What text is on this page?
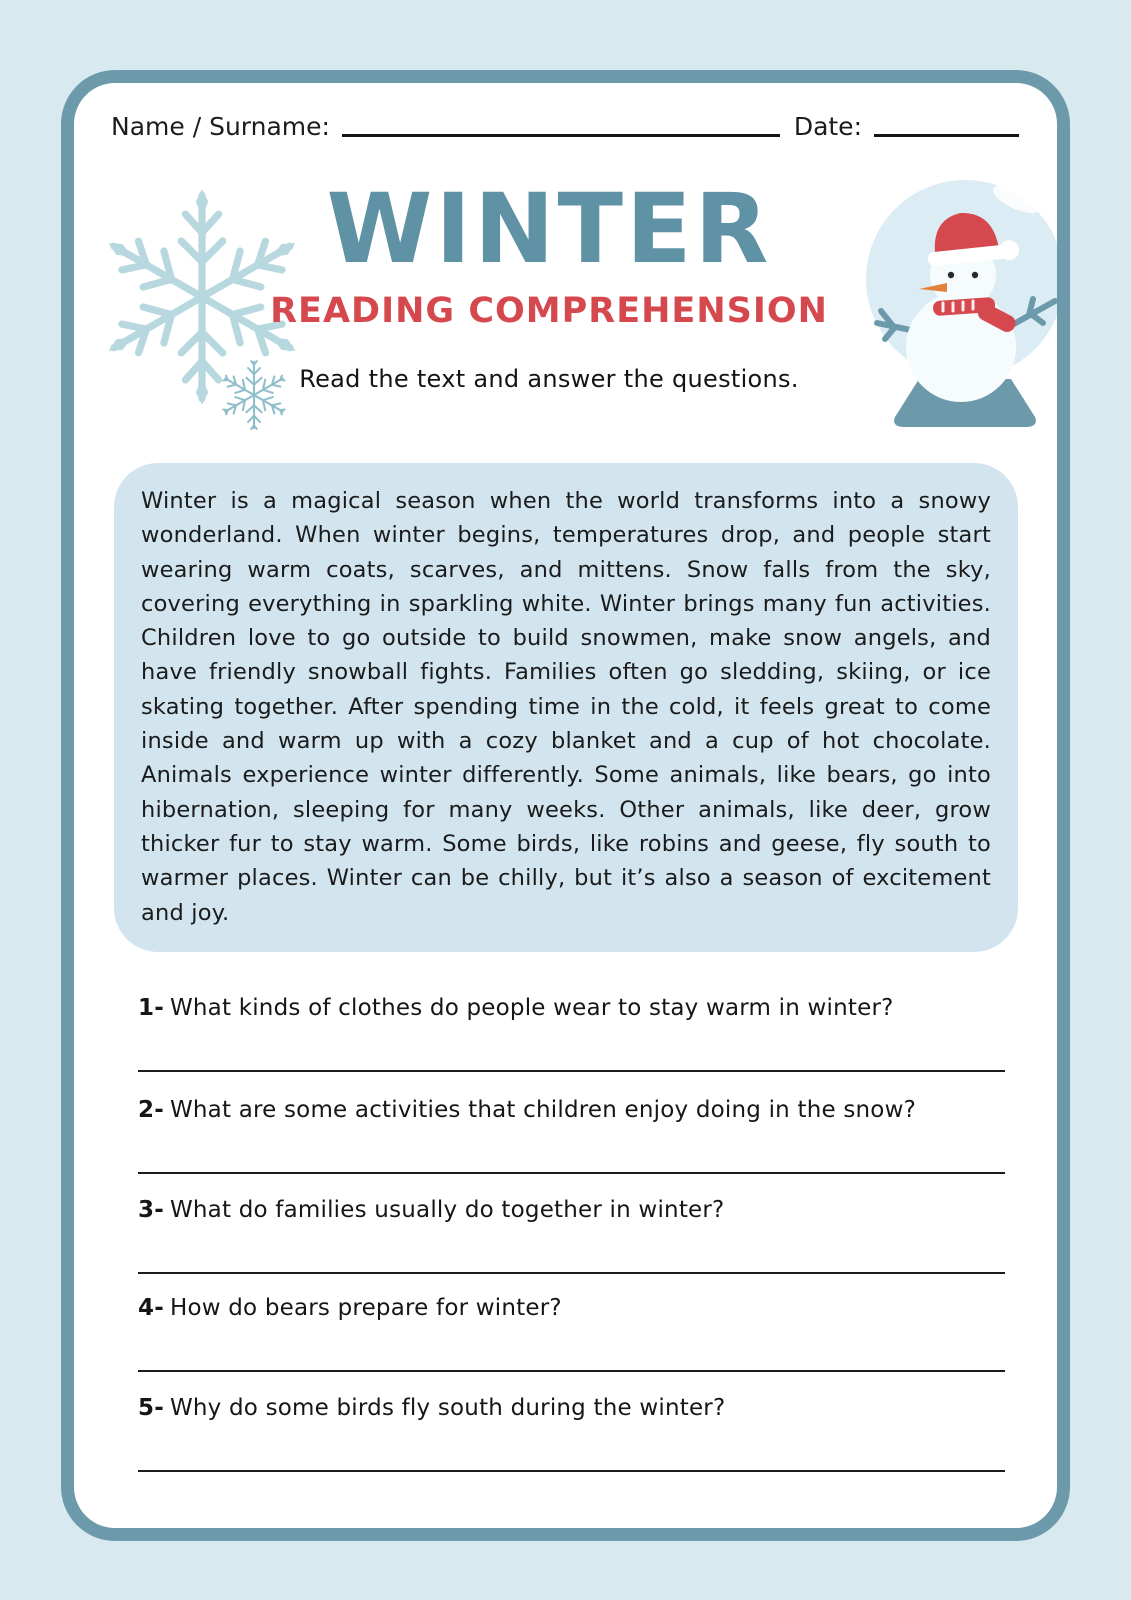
Name / Surname:	Date:
WINTER
READING COMPREHENSION
Read the text and answer the questions.

Winter is a magical season when the world transforms into a snowy wonderland. When winter begins, temperatures drop, and people start wearing warm coats, scarves, and mittens. Snow falls from the sky, covering everything in sparkling white. Winter brings many fun activities. Children love to go outside to build snowmen, make snow angels, and have friendly snowball fights. Families often go sledding, skiing, or ice skating together. After spending time in the cold, it feels great to come inside and warm up with a cozy blanket and a cup of hot chocolate. Animals experience winter differently. Some animals, like bears, go into hibernation, sleeping for many weeks. Other animals, like deer, grow thicker fur to stay warm. Some birds, like robins and geese, fly south to warmer places. Winter can be chilly, but it’s also a season of excitement and joy.

1- What kinds of clothes do people wear to stay warm in winter?

2- What are some activities that children enjoy doing in the snow?

3- What do families usually do together in winter?

4- How do bears prepare for winter?

5- Why do some birds fly south during the winter?
